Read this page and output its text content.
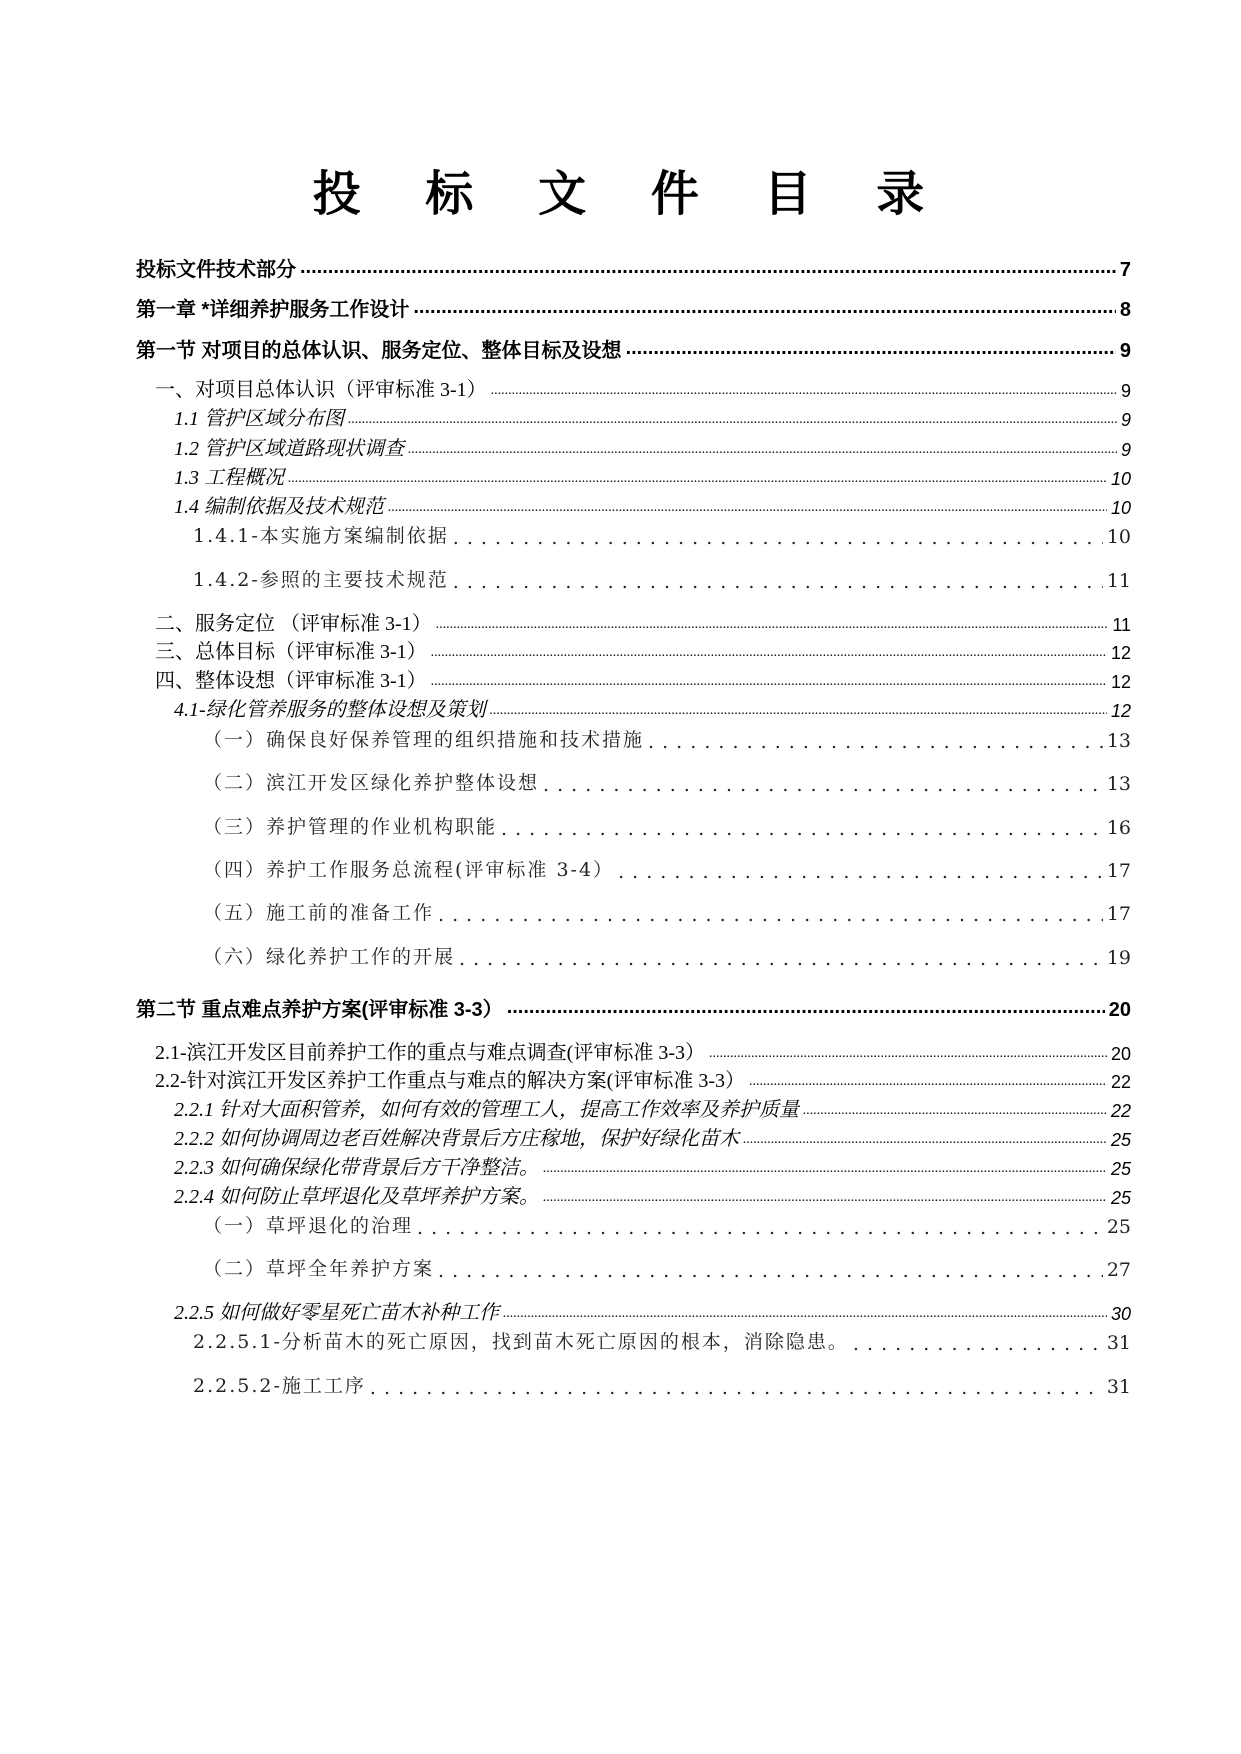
投 标 文 件 目 录
投标文件技术部分 .....	7
第一章 *详细养护服务工作设计 .....	8
第一节 对项目的总体认识、服务定位、整体目标及设想 .....	9
一、对项目总体认识（评审标准 3-1） .....	9
1.1 管护区域分布图 .....	9
1.2 管护区域道路现状调查 .....	9
1.3 工程概况 .....	10
1.4 编制依据及技术规范 .....	10
1.4.1-本实施方案编制依据 . . .	10
1.4.2-参照的主要技术规范 . . .	11
二、服务定位 （评审标准 3-1） .....	11
三、总体目标（评审标准 3-1） .....	12
四、整体设想（评审标准 3-1） .....	12
4.1-绿化管养服务的整体设想及策划 .....	12
（一）确保良好保养管理的组织措施和技术措施 . . .	13
（二）滨江开发区绿化养护整体设想 . . .	13
（三）养护管理的作业机构职能 . . .	16
（四）养护工作服务总流程(评审标准 3-4） . . .	17
（五）施工前的准备工作 . . .	17
（六）绿化养护工作的开展 . . .	19
第二节 重点难点养护方案(评审标准 3-3） .....	20
2.1-滨江开发区目前养护工作的重点与难点调查(评审标准 3-3） .....	20
2.2-针对滨江开发区养护工作重点与难点的解决方案(评审标准 3-3） .....	22
2.2.1 针对大面积管养，如何有效的管理工人，提高工作效率及养护质量 .....	22
2.2.2 如何协调周边老百姓解决背景后方庄稼地，保护好绿化苗木 .....	25
2.2.3 如何确保绿化带背景后方干净整洁。 .....	25
2.2.4 如何防止草坪退化及草坪养护方案。 .....	25
（一）草坪退化的治理 . . .	25
（二）草坪全年养护方案 . . .	27
2.2.5 如何做好零星死亡苗木补种工作 .....	30
2.2.5.1-分析苗木的死亡原因，找到苗木死亡原因的根本，消除隐患。 . . .	31
2.2.5.2-施工工序 . . .	31
